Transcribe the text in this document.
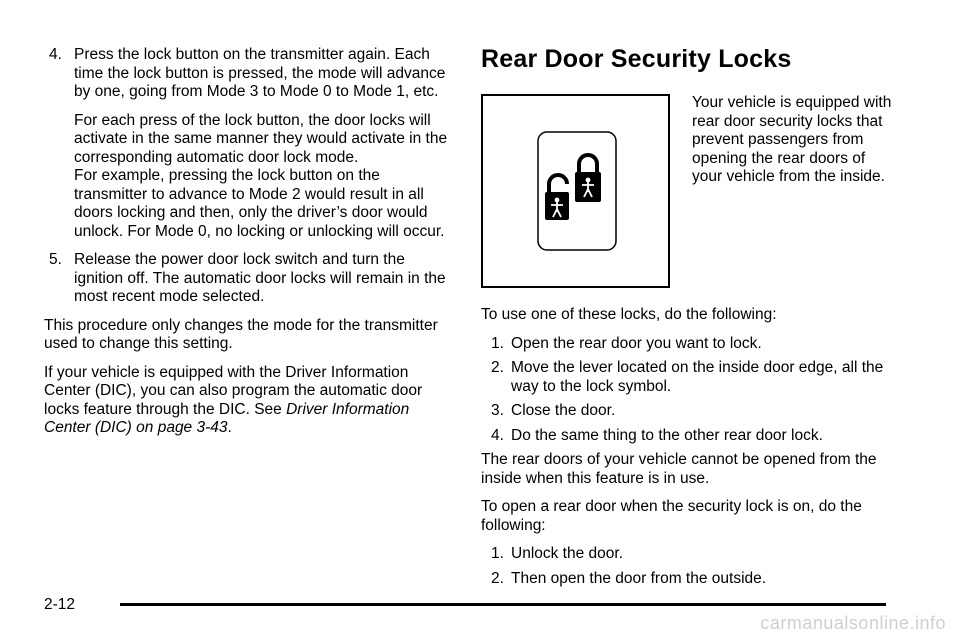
4. Press the lock button on the transmitter again. Each time the lock button is pressed, the mode will advance by one, going from Mode 3 to Mode 0 to Mode 1, etc.

For each press of the lock button, the door locks will activate in the same manner they would activate in the corresponding automatic door lock mode.

For example, pressing the lock button on the transmitter to advance to Mode 2 would result in all doors locking and then, only the driver’s door would unlock. For Mode 0, no locking or unlocking will occur.

5. Release the power door lock switch and turn the ignition off. The automatic door locks will remain in the most recent mode selected.

This procedure only changes the mode for the transmitter used to change this setting.

If your vehicle is equipped with the Driver Information Center (DIC), you can also program the automatic door locks feature through the DIC. See Driver Information Center (DIC) on page 3-43.

Rear Door Security Locks

Your vehicle is equipped with rear door security locks that prevent passengers from opening the rear doors of your vehicle from the inside.

To use one of these locks, do the following:

1. Open the rear door you want to lock.
2. Move the lever located on the inside door edge, all the way to the lock symbol.
3. Close the door.
4. Do the same thing to the other rear door lock.

The rear doors of your vehicle cannot be opened from the inside when this feature is in use.

To open a rear door when the security lock is on, do the following:

1. Unlock the door.
2. Then open the door from the outside.
2-12
carmanualsonline.info
